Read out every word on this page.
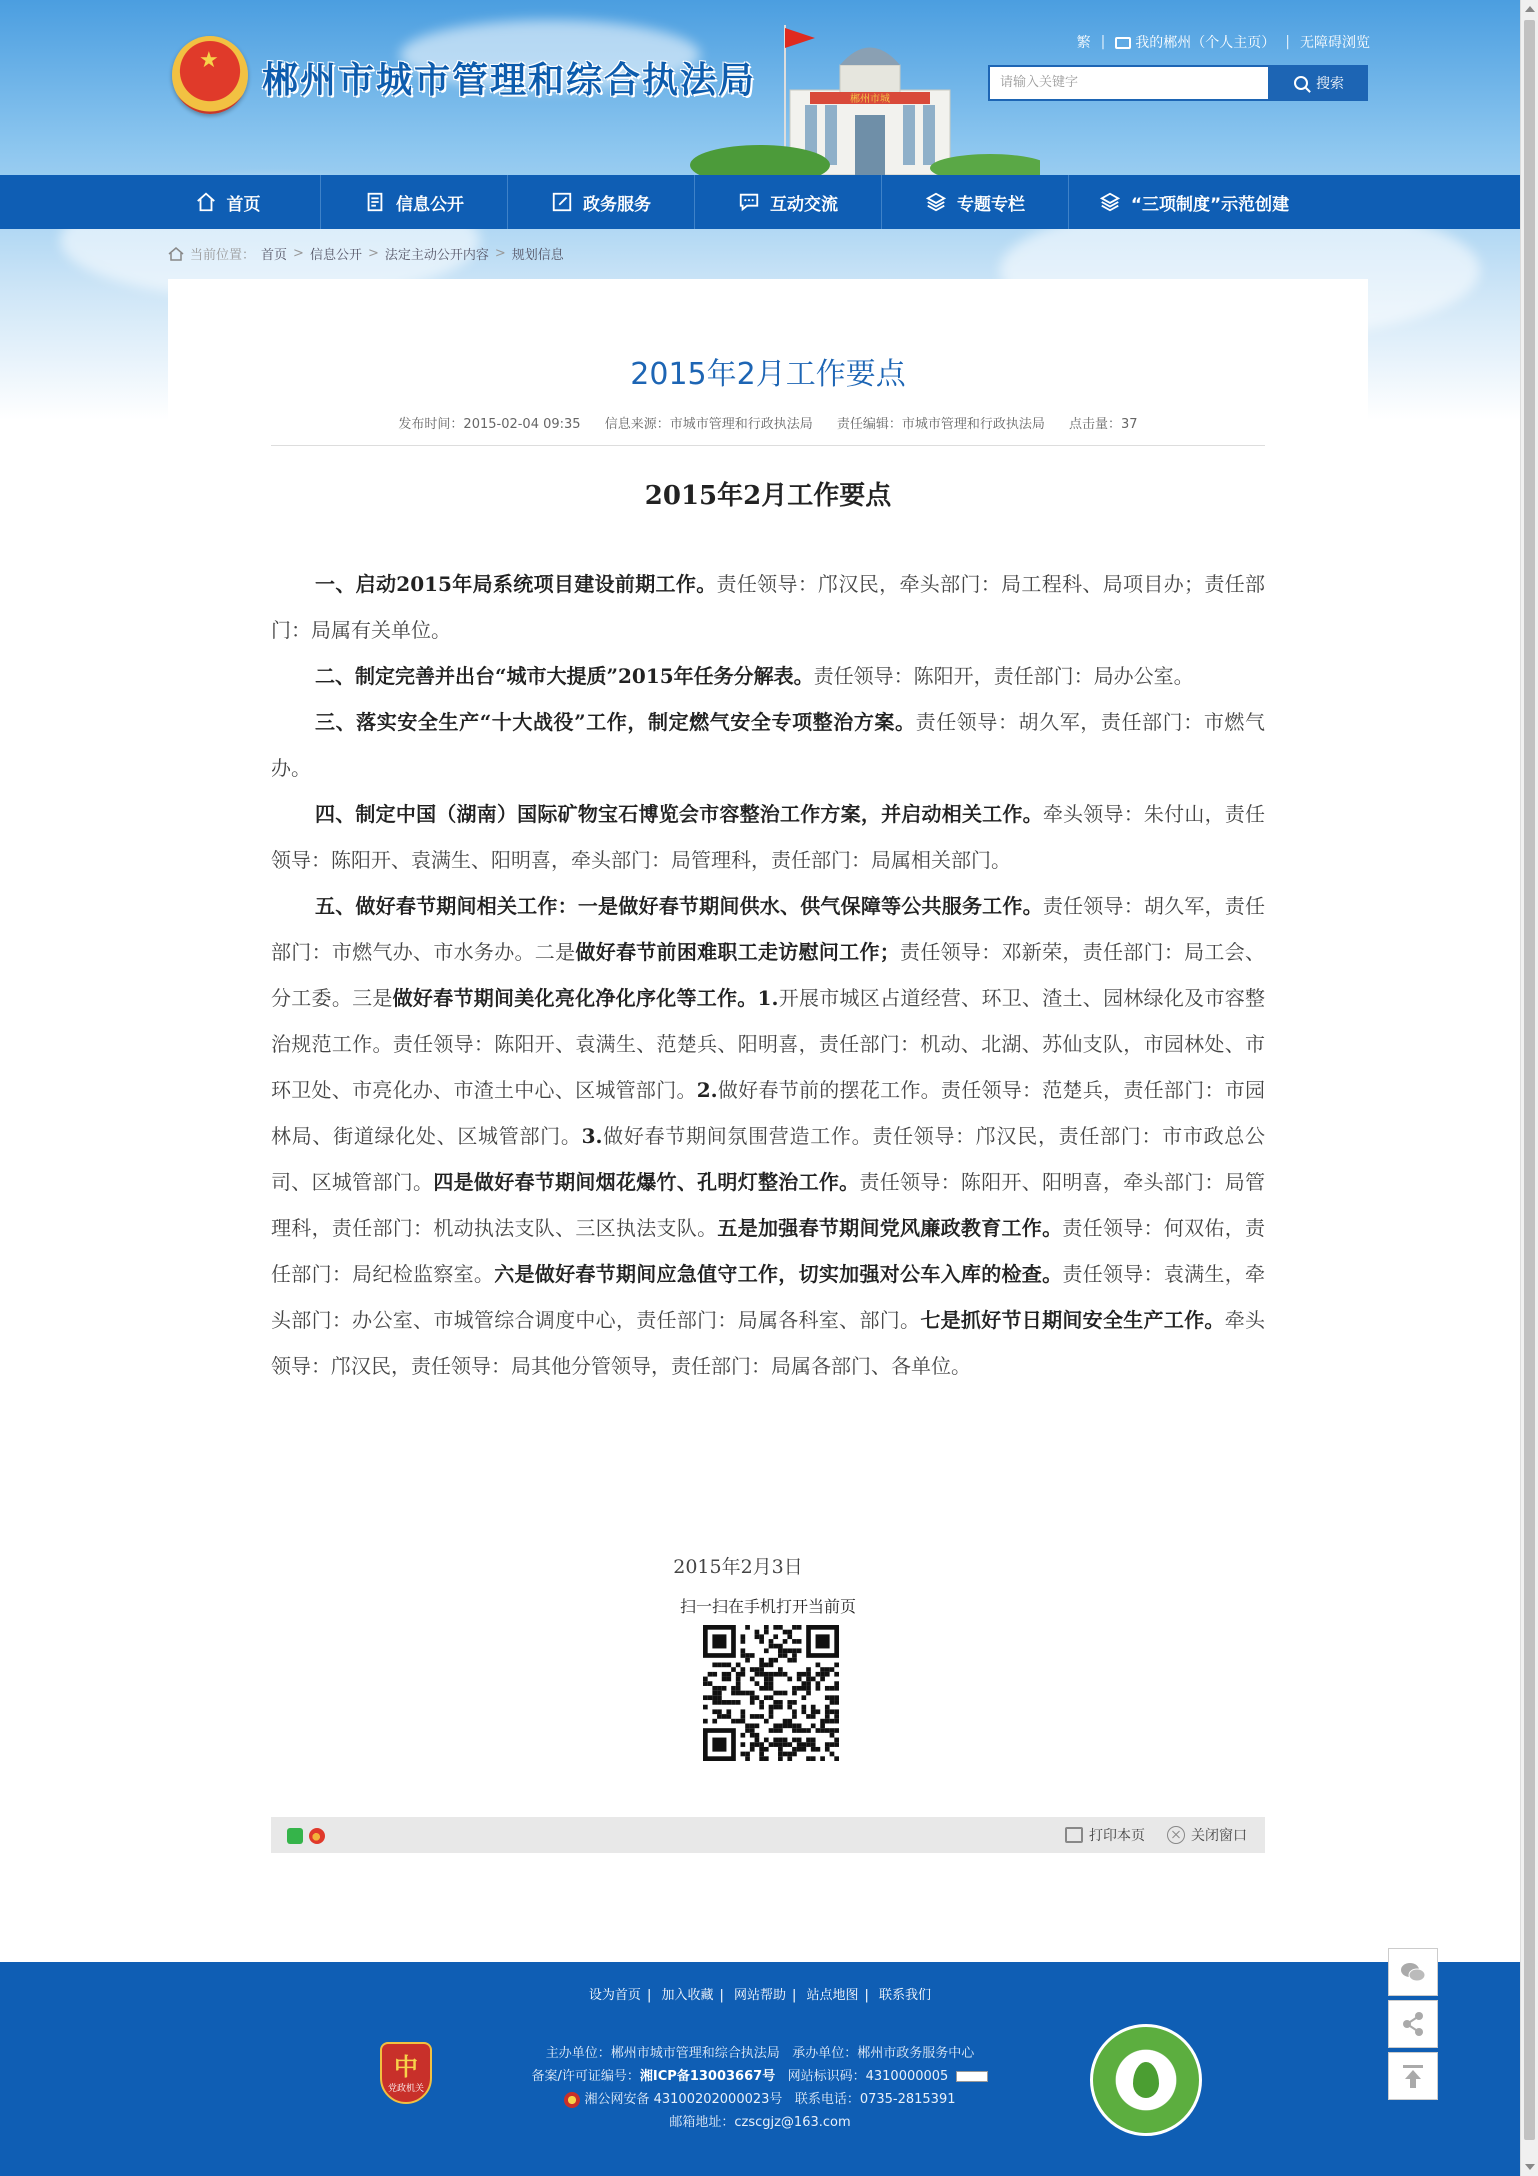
★ 郴州市城市管理和综合执法局	郴州市城
繁 |	我的郴州（个人主页） | 无障碍浏览
请输入关键字	搜索
首页	信息公开	政务服务	互动交流	专题专栏	“三项制度”示范创建
当前位置： 首页 > 信息公开 > 法定主动公开内容 > 规划信息
2015年2月工作要点
发布时间：2015-02-04 09:35 信息来源：市城市管理和行政执法局 责任编辑：市城市管理和行政执法局 点击量：37
2015年2月工作要点

一、启动2015年局系统项目建设前期工作。责任领导：邝汉民，牵头部门：局工程科、局项目办；责任部门：局属有关单位。

二、制定完善并出台“城市大提质”2015年任务分解表。责任领导：陈阳开，责任部门：局办公室。

三、落实安全生产“十大战役”工作，制定燃气安全专项整治方案。责任领导：胡久军，责任部门：市燃气办。

四、制定中国（湖南）国际矿物宝石博览会市容整治工作方案，并启动相关工作。牵头领导：朱付山，责任领导：陈阳开、袁满生、阳明喜，牵头部门：局管理科，责任部门：局属相关部门。

五、做好春节期间相关工作：一是做好春节期间供水、供气保障等公共服务工作。责任领导：胡久军，责任部门：市燃气办、市水务办。二是做好春节前困难职工走访慰问工作；责任领导：邓新荣，责任部门：局工会、分工委。三是做好春节期间美化亮化净化序化等工作。1.开展市城区占道经营、环卫、渣土、园林绿化及市容整治规范工作。责任领导：陈阳开、袁满生、范楚兵、阳明喜，责任部门：机动、北湖、苏仙支队，市园林处、市环卫处、市亮化办、市渣土中心、区城管部门。2.做好春节前的摆花工作。责任领导：范楚兵，责任部门：市园林局、街道绿化处、区城管部门。3.做好春节期间氛围营造工作。责任领导：邝汉民，责任部门：市市政总公司、区城管部门。四是做好春节期间烟花爆竹、孔明灯整治工作。责任领导：陈阳开、阳明喜，牵头部门：局管理科，责任部门：机动执法支队、三区执法支队。五是加强春节期间党风廉政教育工作。责任领导：何双佑，责任部门：局纪检监察室。六是做好春节期间应急值守工作，切实加强对公车入库的检查。责任领导：袁满生，牵头部门：办公室、市城管综合调度中心，责任部门：局属各科室、部门。七是抓好节日期间安全生产工作。牵头领导：邝汉民，责任领导：局其他分管领导，责任部门：局属各部门、各单位。

2015年2月3日
扫一扫在手机打开当前页
打印本页	关闭窗口
设为首页 | 加入收藏 | 网站帮助 | 站点地图 | 联系我们
中
党政机关
主办单位：郴州市城市管理和综合执法局 承办单位：郴州市政务服务中心
备案/许可证编号：湘ICP备13003667号 网站标识码：4310000005
湘公网安备 43100202000023号 联系电话：0735-2815391
邮箱地址：czscgjz@163.com
